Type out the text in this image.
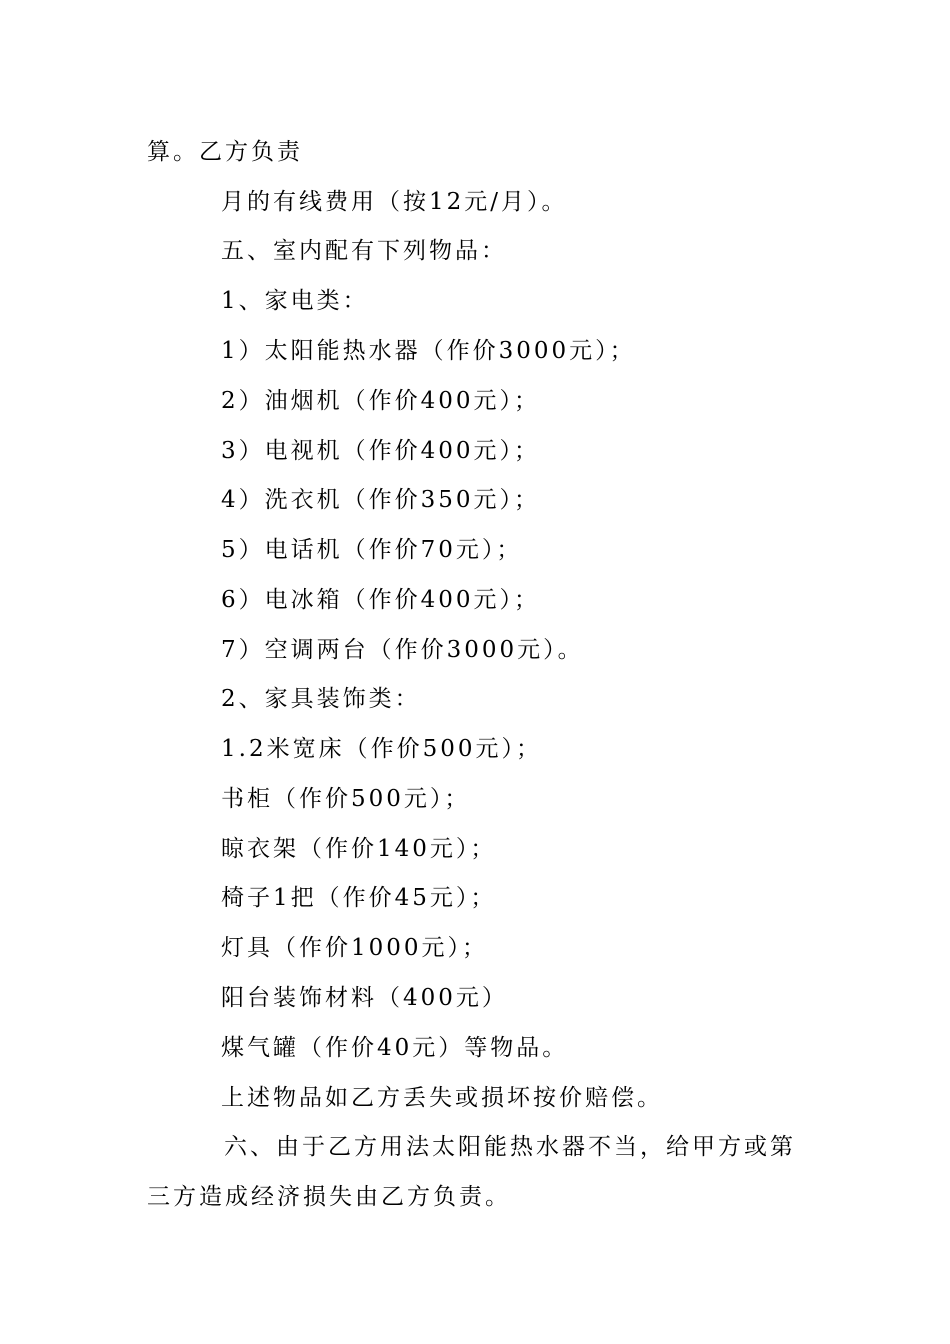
算。乙方负责
月的有线费用（按12元/月）。
五、室内配有下列物品：
1、家电类：
1）太阳能热水器（作价3000元）；
2）油烟机（作价400元）；
3）电视机（作价400元）；
4）洗衣机（作价350元）；
5）电话机（作价70元）；
6）电冰箱（作价400元）；
7）空调两台（作价3000元）。
2、家具装饰类：
1.2米宽床（作价500元）；
书柜（作价500元）；
晾衣架（作价140元）；
椅子1把（作价45元）；
灯具（作价1000元）；
阳台装饰材料（400元）
煤气罐（作价40元）等物品。
上述物品如乙方丢失或损坏按价赔偿。
六、由于乙方用法太阳能热水器不当，给甲方或第
三方造成经济损失由乙方负责。
